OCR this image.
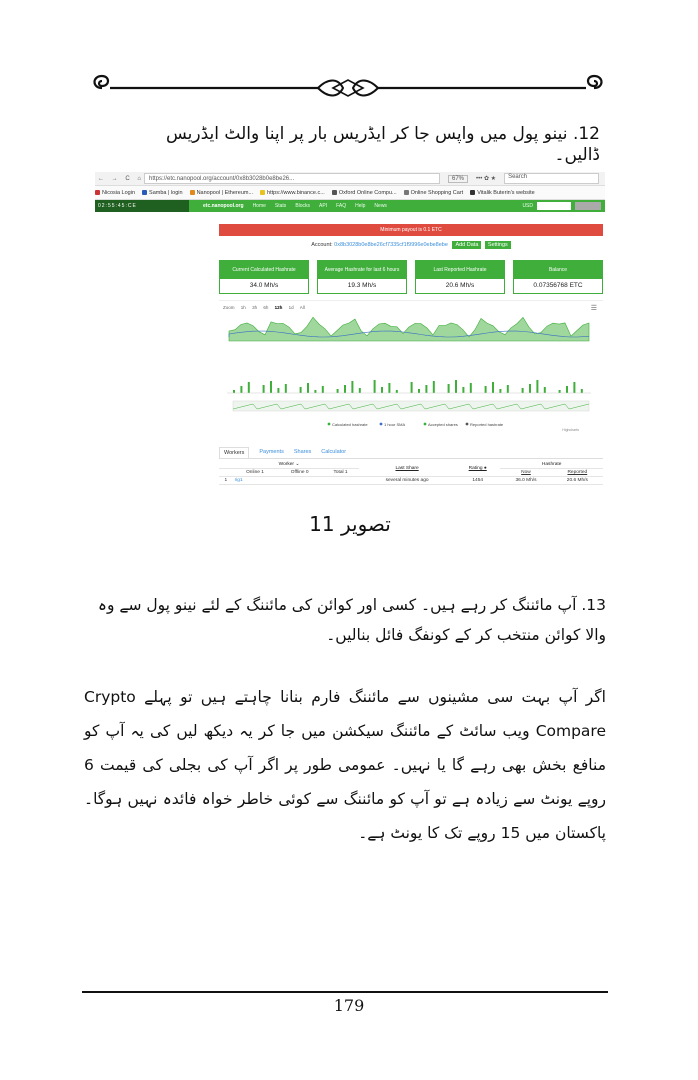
12. نینو پول میں واپس جا کر ایڈریس بار پر اپنا والٹ ایڈریس ڈالیں۔
← → C ⌂ https://etc.nanopool.org/account/0x8b3028b0e8be26...	67%	••• ✿ ★	Search
Nicosia Login	Samba | login	Nanopool | Ethereum...	https://www.binance.c...	Oxford Online Compu...	Online Shopping Cart	Vitalik Buterin's website
02:55:45:CE	etc.nanopool.org Home Stats Blocks API FAQ Help News	USD
Minimum payout is 0.1 ETC
Account: 0x8b3028b0e8be26cf7335cf1f9996e0ebe8ebe Add Data Settings
Current Calculated Hashrate
34.0 Mh/s
Average Hashrate for last 6 hours
19.3 Mh/s
Last Reported Hashrate
20.6 Mh/s
Balance
0.07356768 ETC
Zoom 1h 3h 6h 12h 1d All	☰
Calculated hashrate	1 hour SMA	Accepted shares	Reported hashrate
Highcharts
Workers	Payments Shares Calculator
Worker ⌄				Last Share	Rating ●	Hashrate	
	Online 1	Offline 0	Total 1			Now	Reported
1	rig1			several minutes ago	1454	36.0 Mh/s	20.6 Mh/s
تصویر 11
13. آپ مائننگ کر رہے ہیں۔ کسی اور کوائن کی مائننگ کے لئے نینو پول سے وہ والا کوائن منتخب کر کے کونفگ فائل بنالیں۔
اگر آپ بہت سی مشینوں سے مائننگ فارم بنانا چاہتے ہیں تو پہلے Crypto Compare ویب سائٹ کے مائننگ سیکشن میں جا کر یہ دیکھ لیں کی یہ آپ کو منافع بخش بھی رہے گا یا نہیں۔ عمومی طور پر اگر آپ کی بجلی کی قیمت 6 روپے یونٹ سے زیادہ ہے تو آپ کو مائننگ سے کوئی خاطر خواہ فائدہ نہیں ہوگا۔ پاکستان میں 15 روپے تک کا یونٹ ہے۔
179
